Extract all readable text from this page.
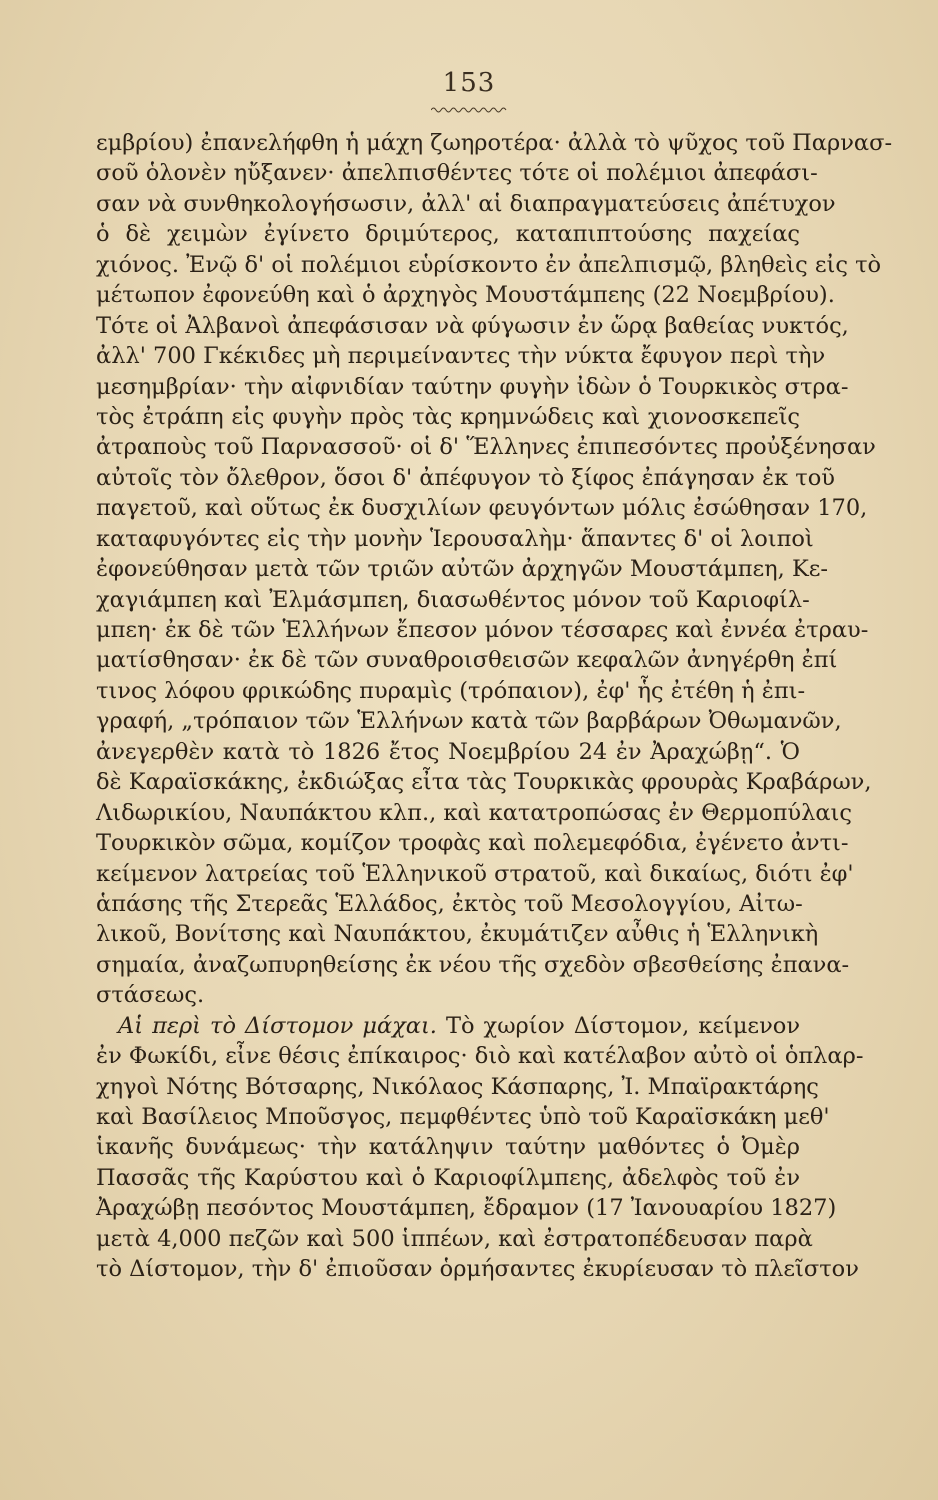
153
εμβρίου) ἐπανελήφθη ἡ μάχη ζωηροτέρα· ἀλλὰ τὸ ψῦχος τοῦ Παρνασ-
σοῦ ὁλονὲν ηὔξανεν· ἀπελπισθέντες τότε οἱ πολέμιοι ἀπεφάσι-
σαν νὰ συνθηκολογήσωσιν, ἀλλ' αἱ διαπραγματεύσεις ἀπέτυχον
ὁ δὲ χειμὼν ἐγίνετο δριμύτερος, καταπιπτούσης παχείας
χιόνος. Ἐνῷ δ' οἱ πολέμιοι εὑρίσκοντο ἐν ἀπελπισμῷ, βληθεὶς εἰς τὸ
μέτωπον ἐφονεύθη καὶ ὁ ἀρχηγὸς Μουστάμπεης (22 Νοεμβρίου).
Τότε οἱ Ἀλβανοὶ ἀπεφάσισαν νὰ φύγωσιν ἐν ὥρᾳ βαθείας νυκτός,
ἀλλ' 700 Γκέκιδες μὴ περιμείναντες τὴν νύκτα ἔφυγον περὶ τὴν
μεσημβρίαν· τὴν αἰφνιδίαν ταύτην φυγὴν ἰδὼν ὁ Τουρκικὸς στρα-
τὸς ἐτράπη εἰς φυγὴν πρὸς τὰς κρημνώδεις καὶ χιονοσκεπεῖς
ἀτραποὺς τοῦ Παρνασσοῦ· οἱ δ' Ἕλληνες ἐπιπεσόντες προὐξένησαν
αὐτοῖς τὸν ὄλεθρον, ὅσοι δ' ἀπέφυγον τὸ ξίφος ἐπάγησαν ἐκ τοῦ
παγετοῦ, καὶ οὕτως ἐκ δυσχιλίων φευγόντων μόλις ἐσώθησαν 170,
καταφυγόντες εἰς τὴν μονὴν Ἱερουσαλὴμ· ἅπαντες δ' οἱ λοιποὶ
ἐφονεύθησαν μετὰ τῶν τριῶν αὐτῶν ἀρχηγῶν Μουστάμπεη, Κε-
χαγιάμπεη καὶ Ἐλμάσμπεη, διασωθέντος μόνον τοῦ Καριοφίλ-
μπεη· ἐκ δὲ τῶν Ἑλλήνων ἔπεσον μόνον τέσσαρες καὶ ἐννέα ἐτραυ-
ματίσθησαν· ἐκ δὲ τῶν συναθροισθεισῶν κεφαλῶν ἀνηγέρθη ἐπί
τινος λόφου φρικώδης πυραμὶς (τρόπαιον), ἐφ' ἧς ἐτέθη ἡ ἐπι-
γραφή, „τρόπαιον τῶν Ἑλλήνων κατὰ τῶν βαρβάρων Ὀθωμανῶν,
ἀνεγερθὲν κατὰ τὸ 1826 ἔτος Νοεμβρίου 24 ἐν Ἀραχώβῃ“. Ὁ
δὲ Καραϊσκάκης, ἐκδιώξας εἶτα τὰς Τουρκικὰς φρουρὰς Κραβάρων,
Λιδωρικίου, Ναυπάκτου κλπ., καὶ κατατροπώσας ἐν Θερμοπύλαις
Τουρκικὸν σῶμα, κομίζον τροφὰς καὶ πολεμεφόδια, ἐγένετο ἀντι-
κείμενον λατρείας τοῦ Ἑλληνικοῦ στρατοῦ, καὶ δικαίως, διότι ἐφ'
ἁπάσης τῆς Στερεᾶς Ἑλλάδος, ἐκτὸς τοῦ Μεσολογγίου, Αἰτω-
λικοῦ, Βονίτσης καὶ Ναυπάκτου, ἐκυμάτιζεν αὖθις ἡ Ἑλληνικὴ
σημαία, ἀναζωπυρηθείσης ἐκ νέου τῆς σχεδὸν σβεσθείσης ἐπανα-
στάσεως.
Αἱ περὶ τὸ Δίστομον μάχαι. Τὸ χωρίον Δίστομον, κείμενον
ἐν Φωκίδι, εἶνε θέσις ἐπίκαιρος· διὸ καὶ κατέλαβον αὐτὸ οἱ ὁπλαρ-
χηγοὶ Νότης Βότσαρης, Νικόλαος Κάσπαρης, Ἰ. Μπαϊρακτάρης
καὶ Βασίλειος Μποῦσγος, πεμφθέντες ὑπὸ τοῦ Καραϊσκάκη μεθ'
ἱκανῆς δυνάμεως· τὴν κατάληψιν ταύτην μαθόντες ὁ Ὀμὲρ
Πασσᾶς τῆς Καρύστου καὶ ὁ Καριοφίλμπεης, ἀδελφὸς τοῦ ἐν
Ἀραχώβῃ πεσόντος Μουστάμπεη, ἔδραμον (17 Ἰανουαρίου 1827)
μετὰ 4,000 πεζῶν καὶ 500 ἱππέων, καὶ ἐστρατοπέδευσαν παρὰ
τὸ Δίστομον, τὴν δ' ἐπιοῦσαν ὁρμήσαντες ἐκυρίευσαν τὸ πλεῖστον
